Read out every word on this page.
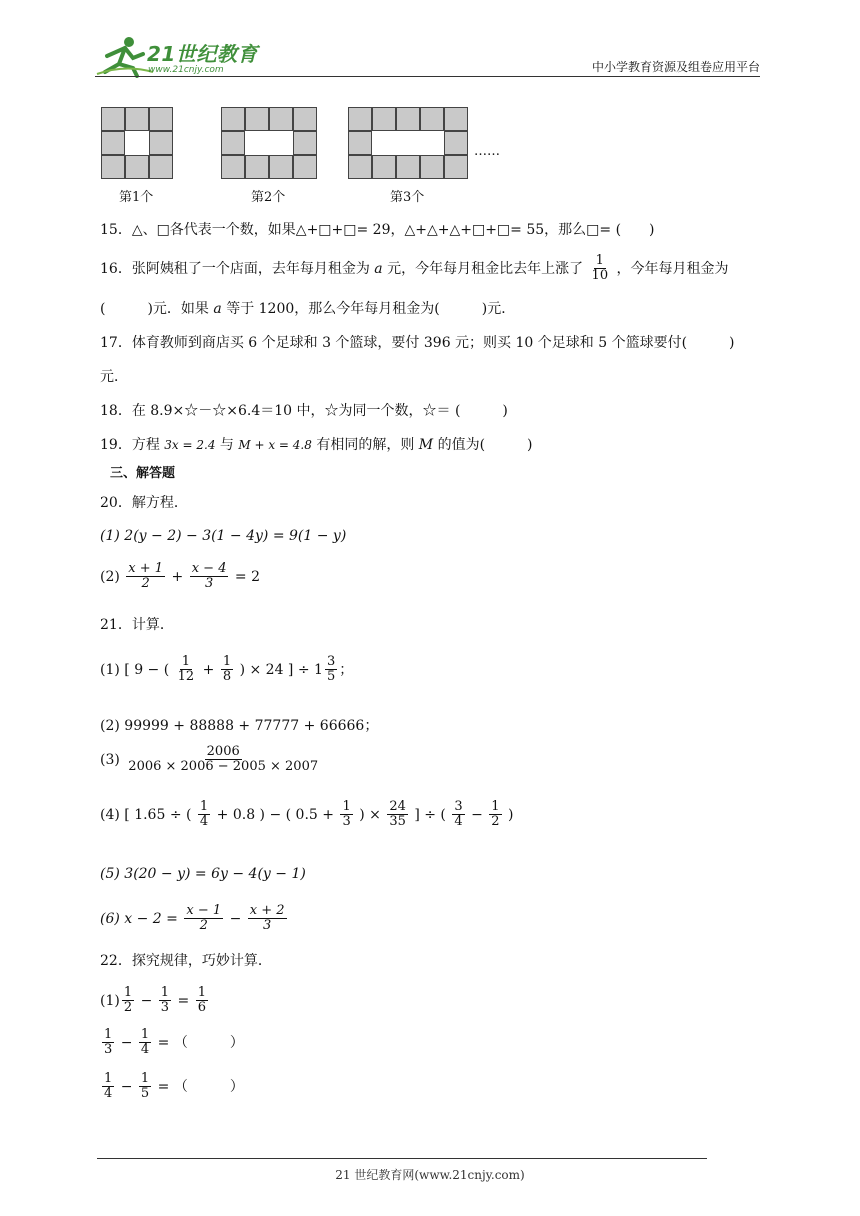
21世纪教育
www.21cnjy.com	中小学教育资源及组卷应用平台
……
第1个	第2个	第3个
15．△、□各代表一个数，如果△+□+□= 29，△+△+△+□+□= 55，那么□= (　　)
16．张阿姨租了一个店面，去年每月租金为 a 元，今年每月租金比去年上涨了 $\frac{1}{10}$ ，今年每月租金为
(　　　)元．如果 a 等于 1200，那么今年每月租金为(　　　)元．
17．体育教师到商店买 6 个足球和 3 个篮球，要付 396 元；则买 10 个足球和 5 个篮球要付(　　　)
元．
18．在 8.9×☆－☆×6.4＝10 中，☆为同一个数，☆＝ (　　　)
19．方程 3x = 2.4 与 M + x = 4.8 有相同的解，则 M 的值为(　　　)
三、解答题
20．解方程．
(1) 2(y − 2) − 3(1 − 4y) = 9(1 − y)
$(2) \frac{x + 1}{2} + \frac{x - 4}{3} = 2$
21．计算．
(1) [ 9 − ( $\frac{1}{12} + \frac{1}{8}$ ) × 24 ] ÷ $1 \frac{3}{5}$ ；
(2) 99999 + 88888 + 77777 + 66666；
$(3) \frac{2006}{2006 \times 2006 - 2005 \times 2007}$
(4) [ 1.65 ÷ ( $\frac{1}{4} + 0.8$ ) − ( $0.5 + \frac{1}{3}$ ) × $\frac{24}{35}$ ] ÷ ( $\frac{3}{4} - \frac{1}{2}$ )
(5) 3(20 − y) = 6y − 4(y − 1)
(6) $x - 2 = \frac{x - 1}{2} - \frac{x + 2}{3}$
22．探究规律，巧妙计算．
$(1) \frac{1}{2} - \frac{1}{3} = \frac{1}{6}$
$\frac{1}{3} - \frac{1}{4}$ = （　　　）
$\frac{1}{4} - \frac{1}{5}$ = （　　　）
21 世纪教育网(www.21cnjy.com)
